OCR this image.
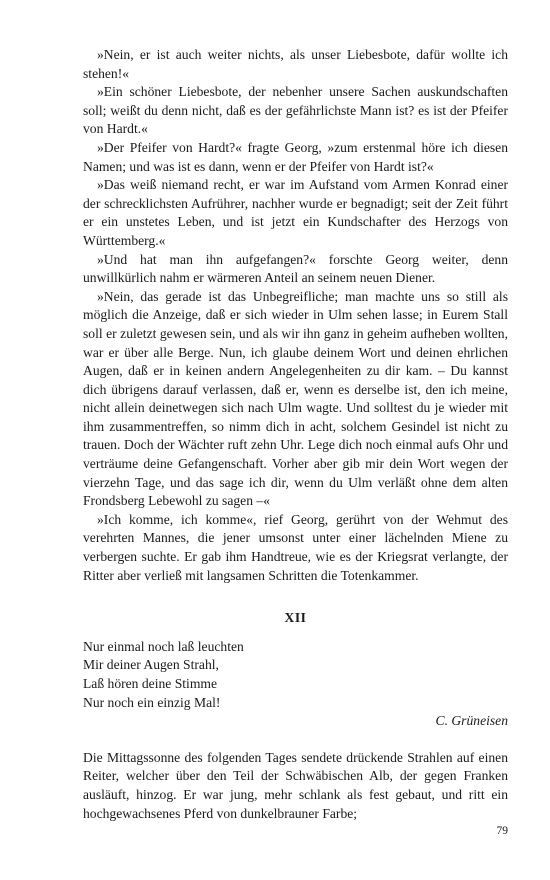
»Nein, er ist auch weiter nichts, als unser Liebesbote, dafür wollte ich stehen!«

»Ein schöner Liebesbote, der nebenher unsere Sachen auskundschaften soll; weißt du denn nicht, daß es der gefährlichste Mann ist? es ist der Pfeifer von Hardt.«

»Der Pfeifer von Hardt?« fragte Georg, »zum erstenmal höre ich diesen Namen; und was ist es dann, wenn er der Pfeifer von Hardt ist?«

»Das weiß niemand recht, er war im Aufstand vom Armen Konrad einer der schrecklichsten Aufrührer, nachher wurde er begnadigt; seit der Zeit führt er ein unstetes Leben, und ist jetzt ein Kundschafter des Herzogs von Württemberg.«

»Und hat man ihn aufgefangen?« forschte Georg weiter, denn unwillkürlich nahm er wärmeren Anteil an seinem neuen Diener.

»Nein, das gerade ist das Unbegreifliche; man machte uns so still als möglich die Anzeige, daß er sich wieder in Ulm sehen lasse; in Eurem Stall soll er zuletzt gewesen sein, und als wir ihn ganz in geheim aufheben wollten, war er über alle Berge. Nun, ich glaube deinem Wort und deinen ehrlichen Augen, daß er in keinen andern Angelegenheiten zu dir kam. – Du kannst dich übrigens darauf verlassen, daß er, wenn es derselbe ist, den ich meine, nicht allein deinetwegen sich nach Ulm wagte. Und solltest du je wieder mit ihm zusammentreffen, so nimm dich in acht, solchem Gesindel ist nicht zu trauen. Doch der Wächter ruft zehn Uhr. Lege dich noch einmal aufs Ohr und verträume deine Gefangenschaft. Vorher aber gib mir dein Wort wegen der vierzehn Tage, und das sage ich dir, wenn du Ulm verläßt ohne dem alten Frondsberg Lebewohl zu sagen –«

»Ich komme, ich komme«, rief Georg, gerührt von der Wehmut des verehrten Mannes, die jener umsonst unter einer lächelnden Miene zu verbergen suchte. Er gab ihm Handtreue, wie es der Kriegsrat verlangte, der Ritter aber verließ mit langsamen Schritten die Totenkammer.

XII
Nur einmal noch laß leuchten
Mir deiner Augen Strahl,
Laß hören deine Stimme
Nur noch ein einzig Mal!
C. Grüneisen

Die Mittagssonne des folgenden Tages sendete drückende Strahlen auf einen Reiter, welcher über den Teil der Schwäbischen Alb, der gegen Franken ausläuft, hinzog. Er war jung, mehr schlank als fest gebaut, und ritt ein hochgewachsenes Pferd von dunkelbrauner Farbe;

79
